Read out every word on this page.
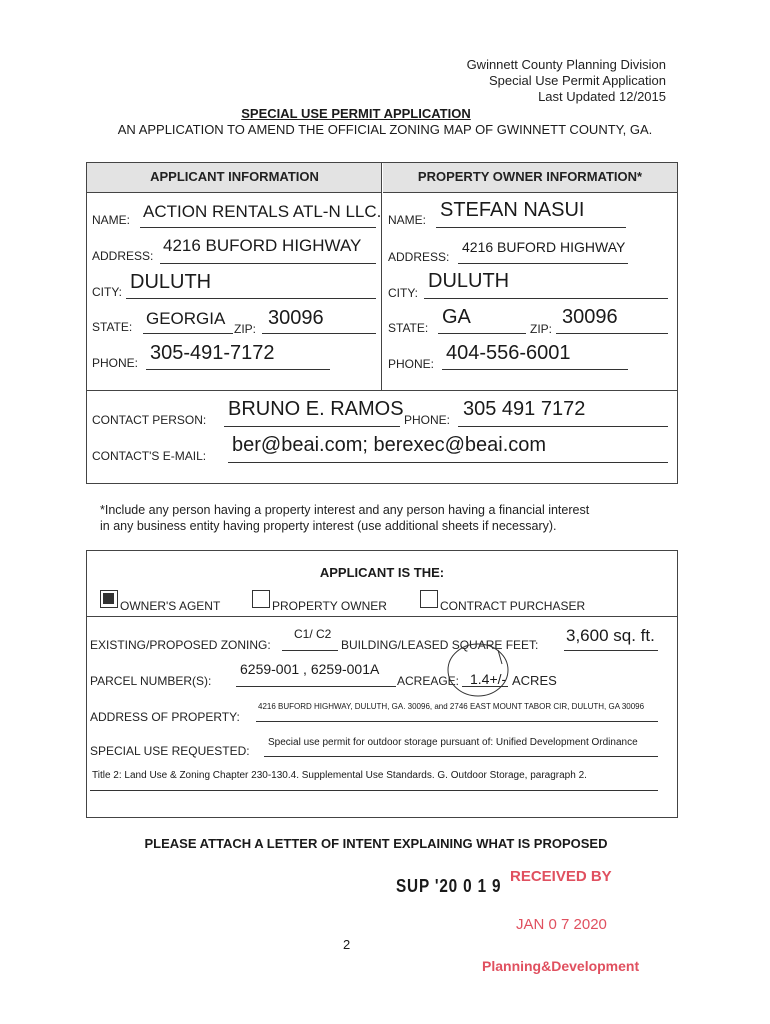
Gwinnett County Planning Division
Special Use Permit Application
Last Updated 12/2015
SPECIAL USE PERMIT APPLICATION
AN APPLICATION TO AMEND THE OFFICIAL ZONING MAP OF GWINNETT COUNTY, GA.
APPLICANT INFORMATION	PROPERTY OWNER INFORMATION*
NAME: ACTION RENTALS ATL-N LLC.
ADDRESS:
4216 BUFORD HIGHWAY
CITY: DULUTH
STATE: GEORGIA
ZIP: 30096
PHONE: 305-491-7172
NAME: STEFAN NASUI
ADDRESS:
4216 BUFORD HIGHWAY
CITY:
DULUTH
STATE: GA
ZIP:
30096
PHONE: 404-556-6001
CONTACT PERSON: BRUNO E. RAMOS PHONE: 305 491 7172
CONTACT'S E-MAIL: ber@beai.com; berexec@beai.com
*Include any person having a property interest and any person having a financial interest
in any business entity having property interest (use additional sheets if necessary).
APPLICANT IS THE:
OWNER'S AGENT	PROPERTY OWNER	CONTRACT PURCHASER
EXISTING/PROPOSED ZONING:
C1/ C2
BUILDING/LEASED SQUARE FEET: 3,600 sq. ft.
PARCEL NUMBER(S):
6259-001 , 6259-001A
ACREAGE: 1.4+/- ACRES
ADDRESS OF PROPERTY:
4216 BUFORD HIGHWAY, DULUTH, GA. 30096, and 2746 EAST MOUNT TABOR CIR, DULUTH, GA 30096
SPECIAL USE REQUESTED:
Special use permit for outdoor storage pursuant of: Unified Development Ordinance
Title 2: Land Use & Zoning Chapter 230-130.4. Supplemental Use Standards. G. Outdoor Storage, paragraph 2.
PLEASE ATTACH A LETTER OF INTENT EXPLAINING WHAT IS PROPOSED
SUP '20 0 1 9 RECEIVED BY
JAN 0 7 2020
Planning&Development
2
